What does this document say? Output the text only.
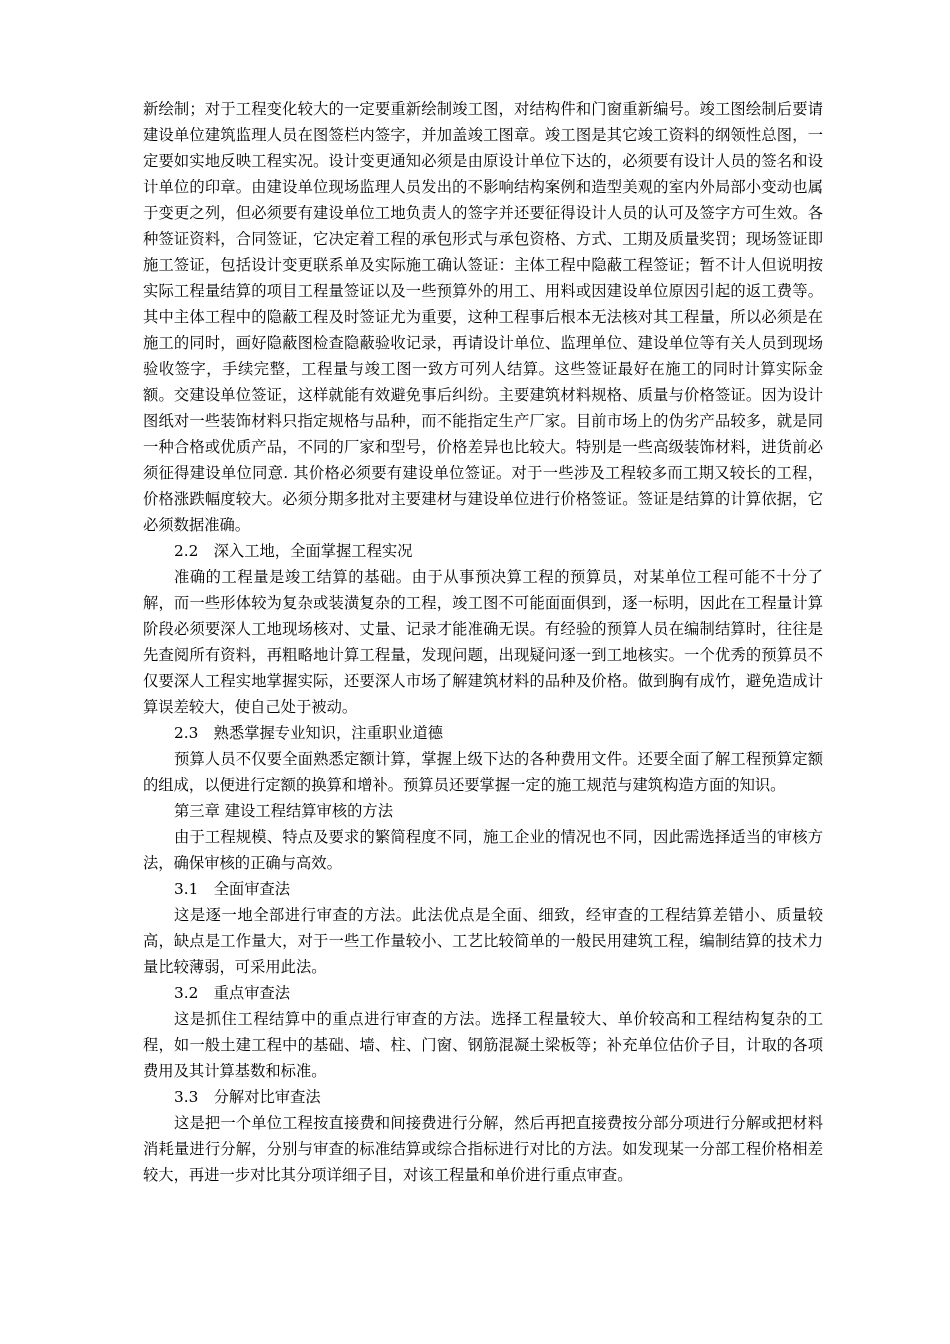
新绘制；对于工程变化较大的一定要重新绘制竣工图，对结构件和门窗重新编号。竣工图绘制后要请建设单位建筑监理人员在图签栏内签字，并加盖竣工图章。竣工图是其它竣工资料的纲领性总图，一定要如实地反映工程实况。设计变更通知必须是由原设计单位下达的，必须要有设计人员的签名和设计单位的印章。由建设单位现场监理人员发出的不影响结构案例和造型美观的室内外局部小变动也属于变更之列，但必须要有建设单位工地负责人的签字并还要征得设计人员的认可及签字方可生效。各种签证资料，合同签证，它决定着工程的承包形式与承包资格、方式、工期及质量奖罚；现场签证即施工签证，包括设计变更联系单及实际施工确认签证：主体工程中隐蔽工程签证；暂不计人但说明按实际工程量结算的项目工程量签证以及一些预算外的用工、用料或因建设单位原因引起的返工费等。其中主体工程中的隐蔽工程及时签证尤为重要，这种工程事后根本无法核对其工程量，所以必须是在施工的同时，画好隐蔽图检查隐蔽验收记录，再请设计单位、监理单位、建设单位等有关人员到现场验收签字，手续完整，工程量与竣工图一致方可列人结算。这些签证最好在施工的同时计算实际金额。交建设单位签证，这样就能有效避免事后纠纷。主要建筑材料规格、质量与价格签证。因为设计图纸对一些装饰材料只指定规格与品种，而不能指定生产厂家。目前市场上的伪劣产品较多，就是同一种合格或优质产品，不同的厂家和型号，价格差异也比较大。特别是一些高级装饰材料，进货前必须征得建设单位同意. 其价格必须要有建设单位签证。对于一些涉及工程较多而工期又较长的工程，价格涨跌幅度较大。必须分期多批对主要建材与建设单位进行价格签证。签证是结算的计算依据，它必须数据准确。

2.2　深入工地，全面掌握工程实况

准确的工程量是竣工结算的基础。由于从事预决算工程的预算员，对某单位工程可能不十分了解，而一些形体较为复杂或装潢复杂的工程，竣工图不可能面面俱到，逐一标明，因此在工程量计算阶段必须要深人工地现场核对、丈量、记录才能准确无误。有经验的预算人员在编制结算时，往往是先查阅所有资料，再粗略地计算工程量，发现问题，出现疑问逐一到工地核实。一个优秀的预算员不仅要深人工程实地掌握实际，还要深人市场了解建筑材料的品种及价格。做到胸有成竹，避免造成计算误差较大，使自己处于被动。

2.3　熟悉掌握专业知识，注重职业道德

预算人员不仅要全面熟悉定额计算，掌握上级下达的各种费用文件。还要全面了解工程预算定额的组成，以便进行定额的换算和增补。预算员还要掌握一定的施工规范与建筑构造方面的知识。

第三章 建设工程结算审核的方法

由于工程规模、特点及要求的繁简程度不同，施工企业的情况也不同，因此需选择适当的审核方法，确保审核的正确与高效。

3.1　全面审查法

这是逐一地全部进行审查的方法。此法优点是全面、细致，经审查的工程结算差错小、质量较高，缺点是工作量大，对于一些工作量较小、工艺比较简单的一般民用建筑工程，编制结算的技术力量比较薄弱，可采用此法。

3.2　重点审查法

这是抓住工程结算中的重点进行审查的方法。选择工程量较大、单价较高和工程结构复杂的工程，如一般土建工程中的基础、墙、柱、门窗、钢筋混凝土梁板等；补充单位估价子目，计取的各项费用及其计算基数和标准。

3.3　分解对比审查法

这是把一个单位工程按直接费和间接费进行分解，然后再把直接费按分部分项进行分解或把材料消耗量进行分解，分别与审查的标准结算或综合指标进行对比的方法。如发现某一分部工程价格相差较大，再进一步对比其分项详细子目，对该工程量和单价进行重点审查。
